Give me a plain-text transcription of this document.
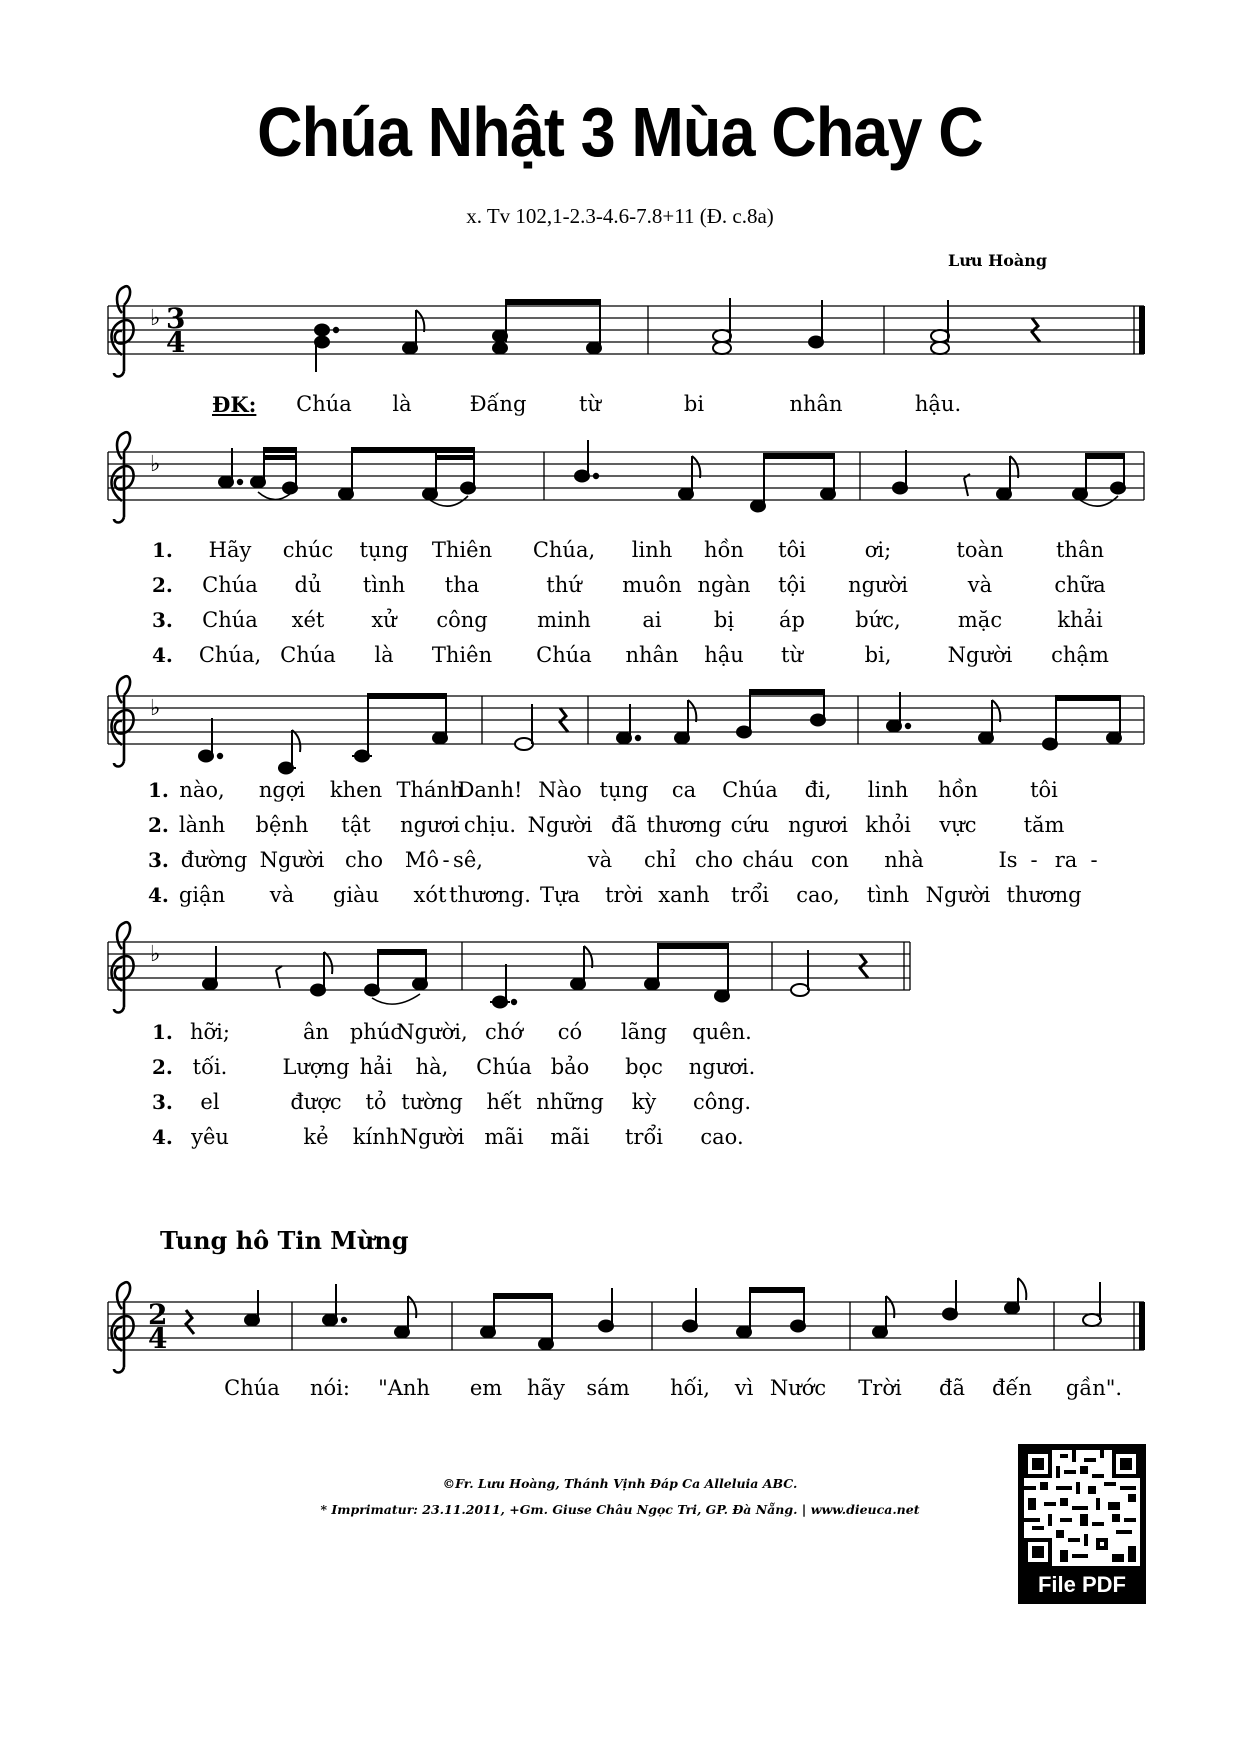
Chúa Nhật 3 Mùa Chay C
x. Tv 102,1-2.3-4.6-7.8+11 (Đ. c.8a)
Lưu Hoàng
♭ 3
4
♭
♭
♭
2
4
ĐK: Chúa là	Đấng	từ	bi	nhân	hậu.
1. Hãy chúc tụng Thiên Chúa, linh hồn tôi	ơi;	toàn thân
2. Chúa dủ tình tha	thứ muôn ngàn tội người	và	chữa
3. Chúa xét xử công minh ai bị áp bức,	mặc	khải
4. Chúa, Chúa là Thiên Chúa nhân hậu từ	bi,	Người chậm
1. nào, ngợi khen Thánh
Danh! Nào tụng ca Chúa đi, linh hồn tôi
2. lành bệnh tật ngươi chịu. Người đã thương cứu ngươi khỏi vực tăm
3. đường Người cho Mô - sê,	và chỉ cho cháu con nhà	Is - ra -
4. giận và giàu xót thương. Tựa trời xanh trổi cao, tình Người thương
1. hỡi;	ân phúc
Người, chớ có lãng quên.
2. tối.	Lượng hải hà, Chúa bảo bọc ngươi.
3. el	được tỏ tường hết những kỳ công.
4. yêu	kẻ kính Người mãi mãi trổi cao.
Tung hô Tin Mừng
Chúa nói: "Anh em hãy sám hối, vì Nước Trời đã đến gần".
©Fr. Lưu Hoàng, Thánh Vịnh Đáp Ca Alleluia ABC.
* Imprimatur: 23.11.2011, +Gm. Giuse Châu Ngọc Tri, GP. Đà Nẵng. | www.dieuca.net
File PDF
